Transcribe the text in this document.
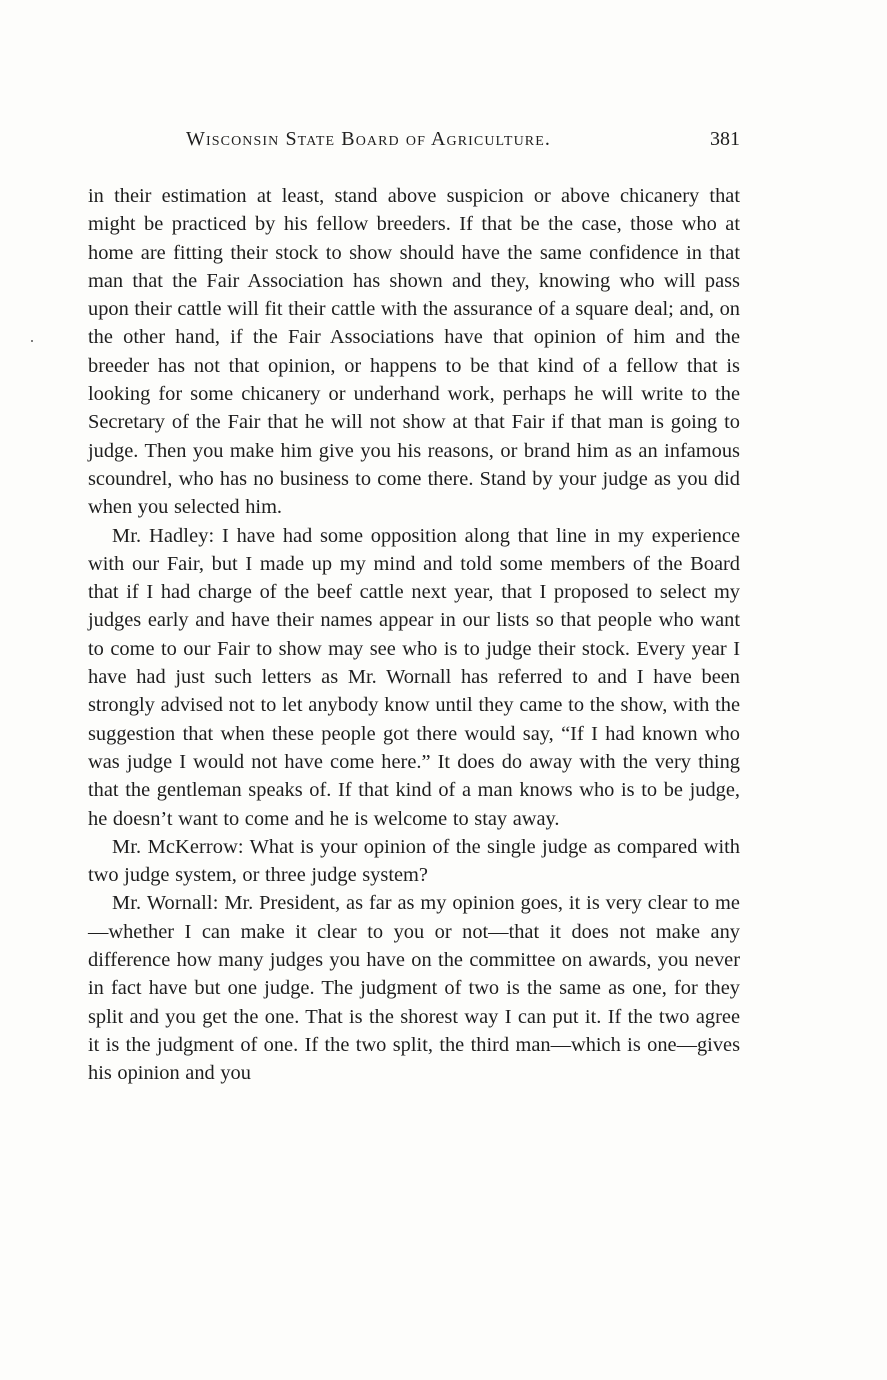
Wisconsin State Board of Agriculture.	381

in their estimation at least, stand above suspicion or above chicanery that might be practiced by his fellow breeders. If that be the case, those who at home are fitting their stock to show should have the same confidence in that man that the Fair Association has shown and they, knowing who will pass upon their cattle will fit their cattle with the assurance of a square deal; and, on the other hand, if the Fair Associations have that opinion of him and the breeder has not that opinion, or happens to be that kind of a fellow that is looking for some chicanery or underhand work, perhaps he will write to the Secretary of the Fair that he will not show at that Fair if that man is going to judge. Then you make him give you his reasons, or brand him as an infamous scoundrel, who has no business to come there. Stand by your judge as you did when you selected him.

Mr. Hadley: I have had some opposition along that line in my experience with our Fair, but I made up my mind and told some members of the Board that if I had charge of the beef cattle next year, that I proposed to select my judges early and have their names appear in our lists so that people who want to come to our Fair to show may see who is to judge their stock. Every year I have had just such letters as Mr. Wornall has referred to and I have been strongly advised not to let anybody know until they came to the show, with the suggestion that when these people got there would say, “If I had known who was judge I would not have come here.” It does do away with the very thing that the gentleman speaks of. If that kind of a man knows who is to be judge, he doesn’t want to come and he is welcome to stay away.

Mr. McKerrow: What is your opinion of the single judge as compared with two judge system, or three judge system?

Mr. Wornall: Mr. President, as far as my opinion goes, it is very clear to me—whether I can make it clear to you or not—that it does not make any difference how many judges you have on the committee on awards, you never in fact have but one judge. The judgment of two is the same as one, for they split and you get the one. That is the shorest way I can put it. If the two agree it is the judgment of one. If the two split, the third man—which is one—gives his opinion and you
